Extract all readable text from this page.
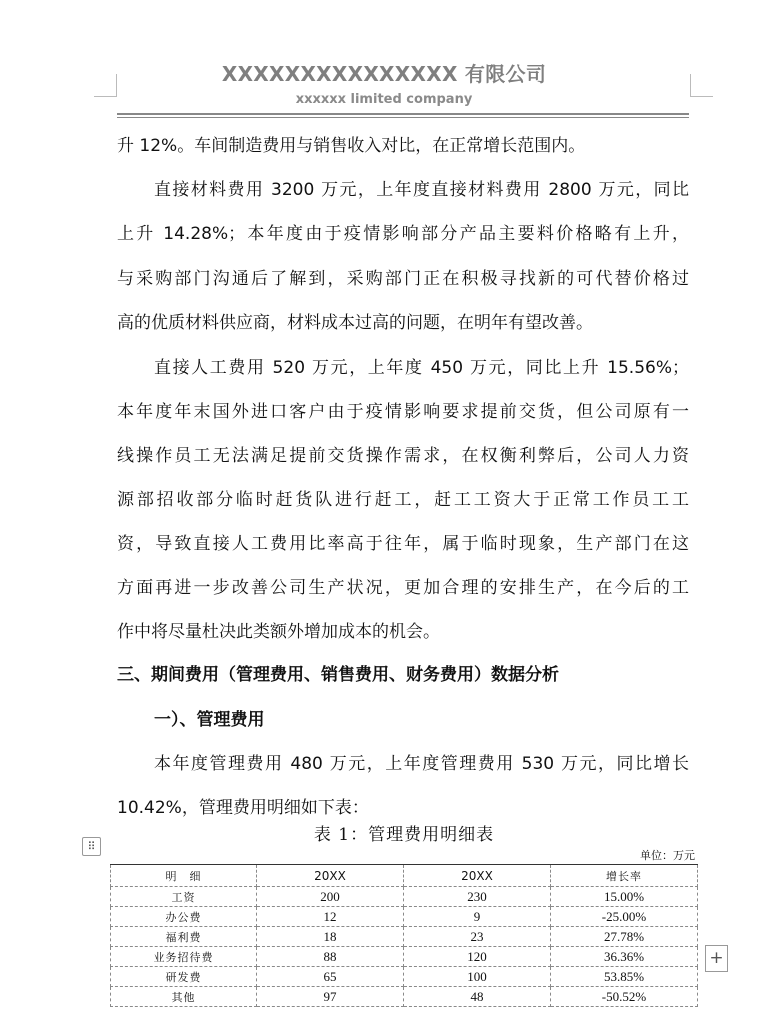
XXXXXXXXXXXXXXX 有限公司
xxxxxx limited company
升 12%。车间制造费用与销售收入对比，在正常增长范围内。
直接材料费用 3200 万元，上年度直接材料费用 2800 万元，同比
上升 14.28%；本年度由于疫情影响部分产品主要料价格略有上升，
与采购部门沟通后了解到，采购部门正在积极寻找新的可代替价格过
高的优质材料供应商，材料成本过高的问题，在明年有望改善。
直接人工费用 520 万元，上年度 450 万元，同比上升 15.56%；
本年度年末国外进口客户由于疫情影响要求提前交货，但公司原有一
线操作员工无法满足提前交货操作需求，在权衡利弊后，公司人力资
源部招收部分临时赶货队进行赶工，赶工工资大于正常工作员工工
资，导致直接人工费用比率高于往年，属于临时现象，生产部门在这
方面再进一步改善公司生产状况，更加合理的安排生产，在今后的工
作中将尽量杜决此类额外增加成本的机会。
三、期间费用（管理费用、销售费用、财务费用）数据分析
一）、管理费用
本年度管理费用 480 万元，上年度管理费用 530 万元，同比增长
10.42%，管理费用明细如下表：
⠿
表 1：管理费用明细表
单位：万元
明　细	20XX	20XX	增长率
工资	200	230	15.00%
办公费	12	9	-25.00%
福利费	18	23	27.78%
业务招待费	88	120	36.36%
研发费	65	100	53.85%
其他	97	48	-50.52%
+
